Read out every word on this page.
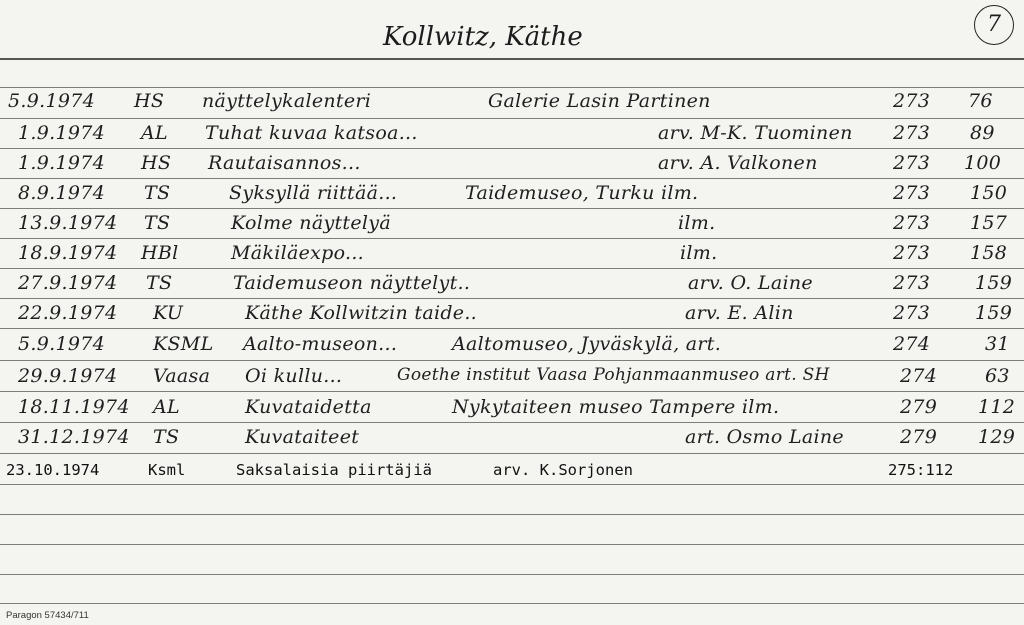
Kollwitz, Käthe	7
5.9.1974 HS näyttelykalenteri	Galerie Lasin Partinen	273 76
1.9.1974 AL Tuhat kuvaa katsoa...	arv. M-K. Tuominen 273 89
1.9.1974 HS Rautaisannos...	arv. A. Valkonen	273 100
8.9.1974 TS	Syksyllä riittää...	Taidemuseo, Turku ilm.	273 150
13.9.1974 TS	Kolme näyttelyä	ilm.	273 157
18.9.1974 HBl	Mäkiläexpo...	ilm.	273 158
27.9.1974 TS	Taidemuseon näyttelyt..	arv. O. Laine	273 159
22.9.1974 KU	Käthe Kollwitzin taide..	arv. E. Alin	273 159
5.9.1974	KSML Aalto-museon...	Aaltomuseo, Jyväskylä, art.	274	31
29.9.1974 Vaasa Oi kullu...	Goethe institut Vaasa Pohjanmaanmuseo art. SH	274	63
18.11.1974 AL	Kuvataidetta	Nykytaiteen museo Tampere ilm.	279 112
31.12.1974 TS	Kuvataiteet	art. Osmo Laine	279 129
23.10.1974	Ksml	Saksalaisia piirtäjiä	arv. K.Sorjonen	275:112
Paragon 57434/711
